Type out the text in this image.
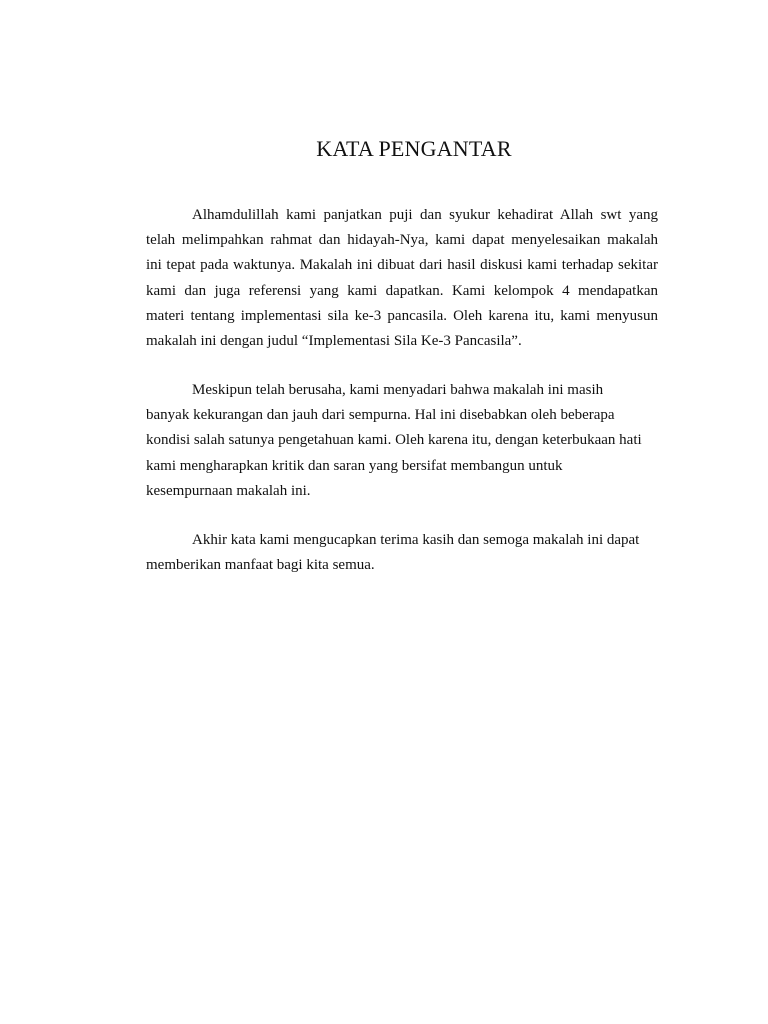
KATA PENGANTAR
Alhamdulillah kami panjatkan puji dan syukur kehadirat Allah swt yang
telah melimpahkan rahmat dan hidayah-Nya, kami dapat menyelesaikan makalah
ini tepat pada waktunya. Makalah ini dibuat dari hasil diskusi kami terhadap sekitar
kami dan juga referensi yang kami dapatkan. Kami kelompok 4 mendapatkan
materi tentang implementasi sila ke-3 pancasila. Oleh karena itu, kami menyusun
makalah ini dengan judul “Implementasi Sila Ke-3 Pancasila”.
Meskipun telah berusaha, kami menyadari bahwa makalah ini masih
banyak kekurangan dan jauh dari sempurna. Hal ini disebabkan oleh beberapa
kondisi salah satunya pengetahuan kami. Oleh karena itu, dengan keterbukaan hati
kami mengharapkan kritik dan saran yang bersifat membangun untuk
kesempurnaan makalah ini.
Akhir kata kami mengucapkan terima kasih dan semoga makalah ini dapat
memberikan manfaat bagi kita semua.
